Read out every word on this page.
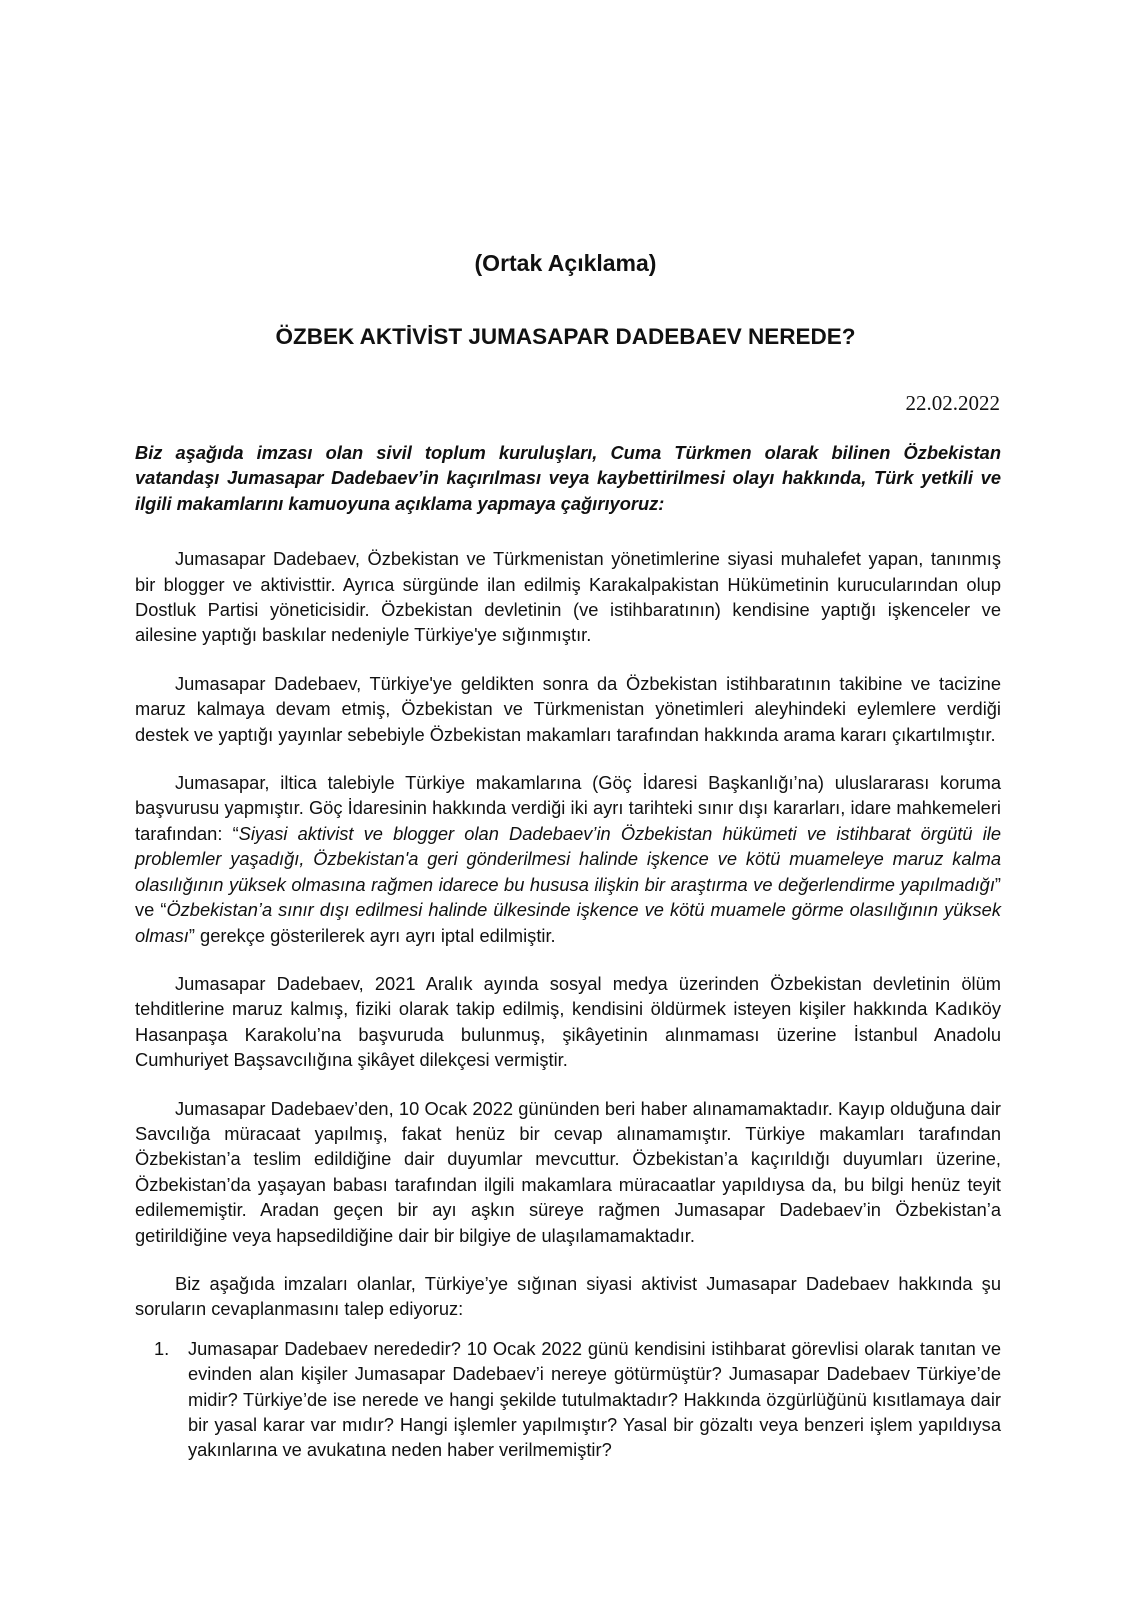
(Ortak Açıklama)
ÖZBEK AKTİVİST JUMASAPAR DADEBAEV NEREDE?
22.02.2022

Biz aşağıda imzası olan sivil toplum kuruluşları, Cuma Türkmen olarak bilinen Özbekistan vatandaşı Jumasapar Dadebaev’in kaçırılması veya kaybettirilmesi olayı hakkında, Türk yetkili ve ilgili makamlarını kamuoyuna açıklama yapmaya çağırıyoruz:

Jumasapar Dadebaev, Özbekistan ve Türkmenistan yönetimlerine siyasi muhalefet yapan, tanınmış bir blogger ve aktivisttir. Ayrıca sürgünde ilan edilmiş Karakalpakistan Hükümetinin kurucularından olup Dostluk Partisi yöneticisidir. Özbekistan devletinin (ve istihbaratının) kendisine yaptığı işkenceler ve ailesine yaptığı baskılar nedeniyle Türkiye'ye sığınmıştır.

Jumasapar Dadebaev, Türkiye'ye geldikten sonra da Özbekistan istihbaratının takibine ve tacizine maruz kalmaya devam etmiş, Özbekistan ve Türkmenistan yönetimleri aleyhindeki eylemlere verdiği destek ve yaptığı yayınlar sebebiyle Özbekistan makamları tarafından hakkında arama kararı çıkartılmıştır.

Jumasapar, iltica talebiyle Türkiye makamlarına (Göç İdaresi Başkanlığı’na) uluslararası koruma başvurusu yapmıştır. Göç İdaresinin hakkında verdiği iki ayrı tarihteki sınır dışı kararları, idare mahkemeleri tarafından: “Siyasi aktivist ve blogger olan Dadebaev’in Özbekistan hükümeti ve istihbarat örgütü ile problemler yaşadığı, Özbekistan'a geri gönderilmesi halinde işkence ve kötü muameleye maruz kalma olasılığının yüksek olmasına rağmen idarece bu hususa ilişkin bir araştırma ve değerlendirme yapılmadığı” ve “Özbekistan’a sınır dışı edilmesi halinde ülkesinde işkence ve kötü muamele görme olasılığının yüksek olması” gerekçe gösterilerek ayrı ayrı iptal edilmiştir.

Jumasapar Dadebaev, 2021 Aralık ayında sosyal medya üzerinden Özbekistan devletinin ölüm tehditlerine maruz kalmış, fiziki olarak takip edilmiş, kendisini öldürmek isteyen kişiler hakkında Kadıköy Hasanpaşa Karakolu’na başvuruda bulunmuş, şikâyetinin alınmaması üzerine İstanbul Anadolu Cumhuriyet Başsavcılığına şikâyet dilekçesi vermiştir.

Jumasapar Dadebaev’den, 10 Ocak 2022 gününden beri haber alınamamaktadır. Kayıp olduğuna dair Savcılığa müracaat yapılmış, fakat henüz bir cevap alınamamıştır. Türkiye makamları tarafından Özbekistan’a teslim edildiğine dair duyumlar mevcuttur. Özbekistan’a kaçırıldığı duyumları üzerine, Özbekistan’da yaşayan babası tarafından ilgili makamlara müracaatlar yapıldıysa da, bu bilgi henüz teyit edilememiştir. Aradan geçen bir ayı aşkın süreye rağmen Jumasapar Dadebaev’in Özbekistan’a getirildiğine veya hapsedildiğine dair bir bilgiye de ulaşılamamaktadır.

Biz aşağıda imzaları olanlar, Türkiye’ye sığınan siyasi aktivist Jumasapar Dadebaev hakkında şu soruların cevaplanmasını talep ediyoruz:

1. Jumasapar Dadebaev nerededir? 10 Ocak 2022 günü kendisini istihbarat görevlisi olarak tanıtan ve evinden alan kişiler Jumasapar Dadebaev’i nereye götürmüştür? Jumasapar Dadebaev Türkiye’de midir? Türkiye’de ise nerede ve hangi şekilde tutulmaktadır? Hakkında özgürlüğünü kısıtlamaya dair bir yasal karar var mıdır? Hangi işlemler yapılmıştır? Yasal bir gözaltı veya benzeri işlem yapıldıysa yakınlarına ve avukatına neden haber verilmemiştir?
